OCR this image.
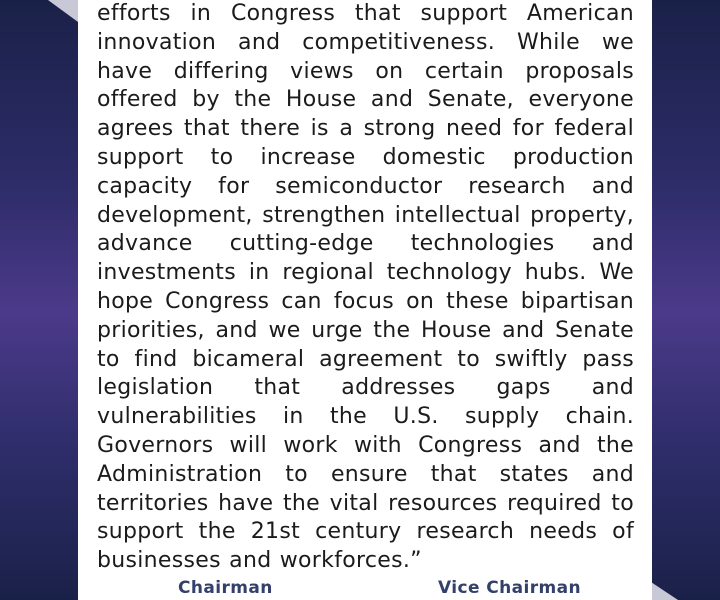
efforts in Congress that support American innovation and competitiveness. While we have differing views on certain proposals offered by the House and Senate, everyone agrees that there is a strong need for federal support to increase domestic production capacity for semiconductor research and development, strengthen intellectual property, advance cutting-edge technologies and investments in regional technology hubs. We hope Congress can focus on these bipartisan priorities, and we urge the House and Senate to find bicameral agreement to swiftly pass legislation that addresses gaps and vulnerabilities in the U.S. supply chain. Governors will work with Congress and the Administration to ensure that states and territories have the vital resources required to support the 21st century research needs of businesses and workforces.”

Chairman	Vice Chairman
